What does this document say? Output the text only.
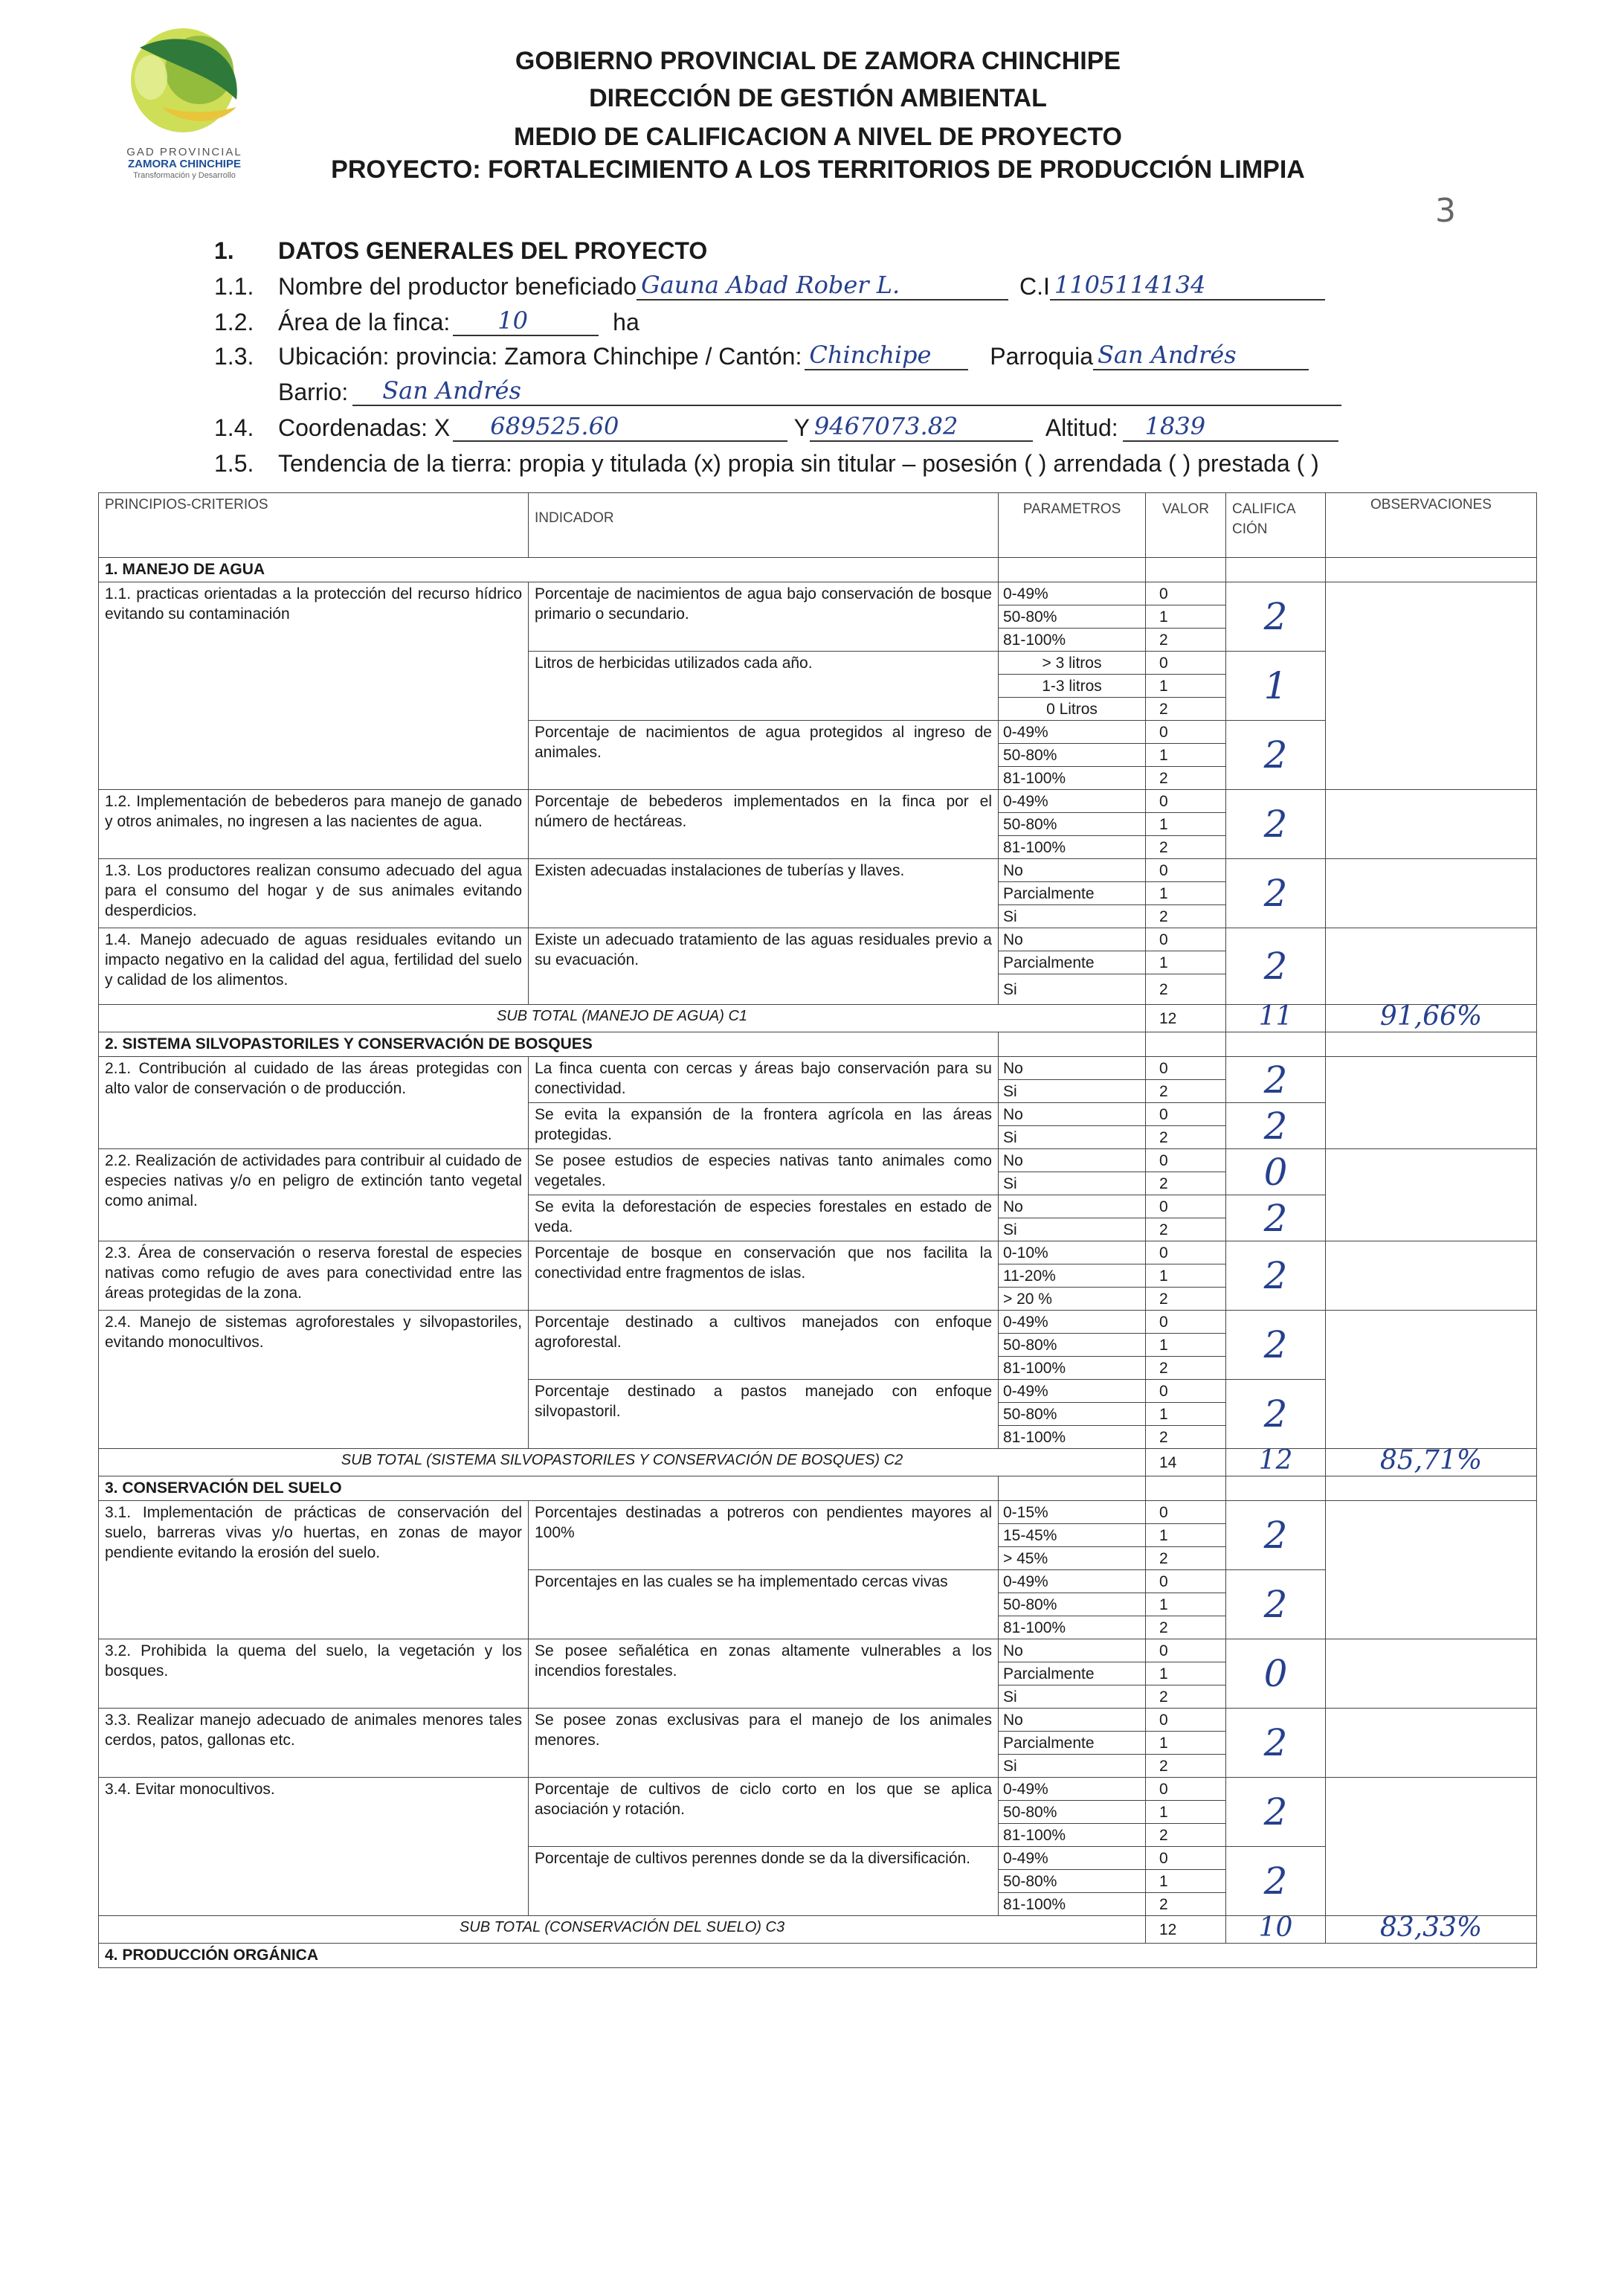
GAD PROVINCIAL
ZAMORA CHINCHIPE
Transformación y Desarrollo
GOBIERNO PROVINCIAL DE ZAMORA CHINCHIPE
DIRECCIÓN DE GESTIÓN AMBIENTAL
MEDIO DE CALIFICACION A NIVEL DE PROYECTO
PROYECTO: FORTALECIMIENTO A LOS TERRITORIOS DE PRODUCCIÓN LIMPIA
3
1. DATOS GENERALES DEL PROYECTO
1.1. Nombre del productor beneficiado Gauna Abad Rober L.	C.I 1105114134
1.2. Área de la finca: 10	ha
1.3. Ubicación: provincia: Zamora Chinchipe / Cantón: Chinchipe Parroquia San Andrés
Barrio: San Andrés
1.4. Coordenadas: X 689525.60	Y 9467073.82	Altitud: 1839
1.5. Tendencia de la tierra: propia y titulada (x) propia sin titular – posesión ( ) arrendada ( ) prestada ( )
PRINCIPIOS-CRITERIOS	INDICADOR	PARAMETROS	VALOR	CALIFICA CIÓN	OBSERVACIONES
1. MANEJO DE AGUA					
1.1. practicas orientadas a la protección del recurso hídrico evitando su contaminación	Porcentaje de nacimientos de agua bajo conservación de bosque primario o secundario.	0-49%	0	2	
		50-80%	1		
		81-100%	2		
	Litros de herbicidas utilizados cada año.	> 3 litros	0	1	
		1-3 litros	1		
		0 Litros	2		
	Porcentaje de nacimientos de agua protegidos al ingreso de animales.	0-49%	0	2	
		50-80%	1		
		81-100%	2		
1.2. Implementación de bebederos para manejo de ganado y otros animales, no ingresen a las nacientes de agua.	Porcentaje de bebederos implementados en la finca por el número de hectáreas.	0-49%	0	2	
		50-80%	1		
		81-100%	2		
1.3. Los productores realizan consumo adecuado del agua para el consumo del hogar y de sus animales evitando desperdicios.	Existen adecuadas instalaciones de tuberías y llaves.	No	0	2	
		Parcialmente	1		
		Si	2		
1.4. Manejo adecuado de aguas residuales evitando un impacto negativo en la calidad del agua, fertilidad del suelo y calidad de los alimentos.	Existe un adecuado tratamiento de las aguas residuales previo a su evacuación.	No	0	2	
		Parcialmente	1		
		Si	2		
SUB TOTAL (MANEJO DE AGUA) C1			12	11	91,66%
2. SISTEMA SILVOPASTORILES Y CONSERVACIÓN DE BOSQUES					
2.1. Contribución al cuidado de las áreas protegidas con alto valor de conservación o de producción.	La finca cuenta con cercas y áreas bajo conservación para su conectividad.	No	0	2	
		Si	2		
	Se evita la expansión de la frontera agrícola en las áreas protegidas.	No	0	2	
		Si	2		
2.2. Realización de actividades para contribuir al cuidado de especies nativas y/o en peligro de extinción tanto vegetal como animal.	Se posee estudios de especies nativas tanto animales como vegetales.	No	0	0	
		Si	2		
	Se evita la deforestación de especies forestales en estado de veda.	No	0	2	
		Si	2		
2.3. Área de conservación o reserva forestal de especies nativas como refugio de aves para conectividad entre las áreas protegidas de la zona.	Porcentaje de bosque en conservación que nos facilita la conectividad entre fragmentos de islas.	0-10%	0	2	
		11-20%	1		
		> 20 %	2		
2.4. Manejo de sistemas agroforestales y silvopastoriles, evitando monocultivos.	Porcentaje destinado a cultivos manejados con enfoque agroforestal.	0-49%	0	2	
		50-80%	1		
		81-100%	2		
	Porcentaje destinado a pastos manejado con enfoque silvopastoril.	0-49%	0	2	
		50-80%	1		
		81-100%	2		
SUB TOTAL (SISTEMA SILVOPASTORILES Y CONSERVACIÓN DE BOSQUES) C2			14	12	85,71%
3. CONSERVACIÓN DEL SUELO					
3.1. Implementación de prácticas de conservación del suelo, barreras vivas y/o huertas, en zonas de mayor pendiente evitando la erosión del suelo.	Porcentajes destinadas a potreros con pendientes mayores al 100%	0-15%	0	2	
		15-45%	1		
		> 45%	2		
	Porcentajes en las cuales se ha implementado cercas vivas	0-49%	0	2	
		50-80%	1		
		81-100%	2		
3.2. Prohibida la quema del suelo, la vegetación y los bosques.	Se posee señalética en zonas altamente vulnerables a los incendios forestales.	No	0	0	
		Parcialmente	1		
		Si	2		
3.3. Realizar manejo adecuado de animales menores tales cerdos, patos, gallonas etc.	Se posee zonas exclusivas para el manejo de los animales menores.	No	0	2	
		Parcialmente	1		
		Si	2		
3.4. Evitar monocultivos.	Porcentaje de cultivos de ciclo corto en los que se aplica asociación y rotación.	0-49%	0	2	
		50-80%	1		
		81-100%	2		
	Porcentaje de cultivos perennes donde se da la diversificación.	0-49%	0	2	
		50-80%	1		
		81-100%	2		
SUB TOTAL (CONSERVACIÓN DEL SUELO) C3			12	10	83,33%
4. PRODUCCIÓN ORGÁNICA					
